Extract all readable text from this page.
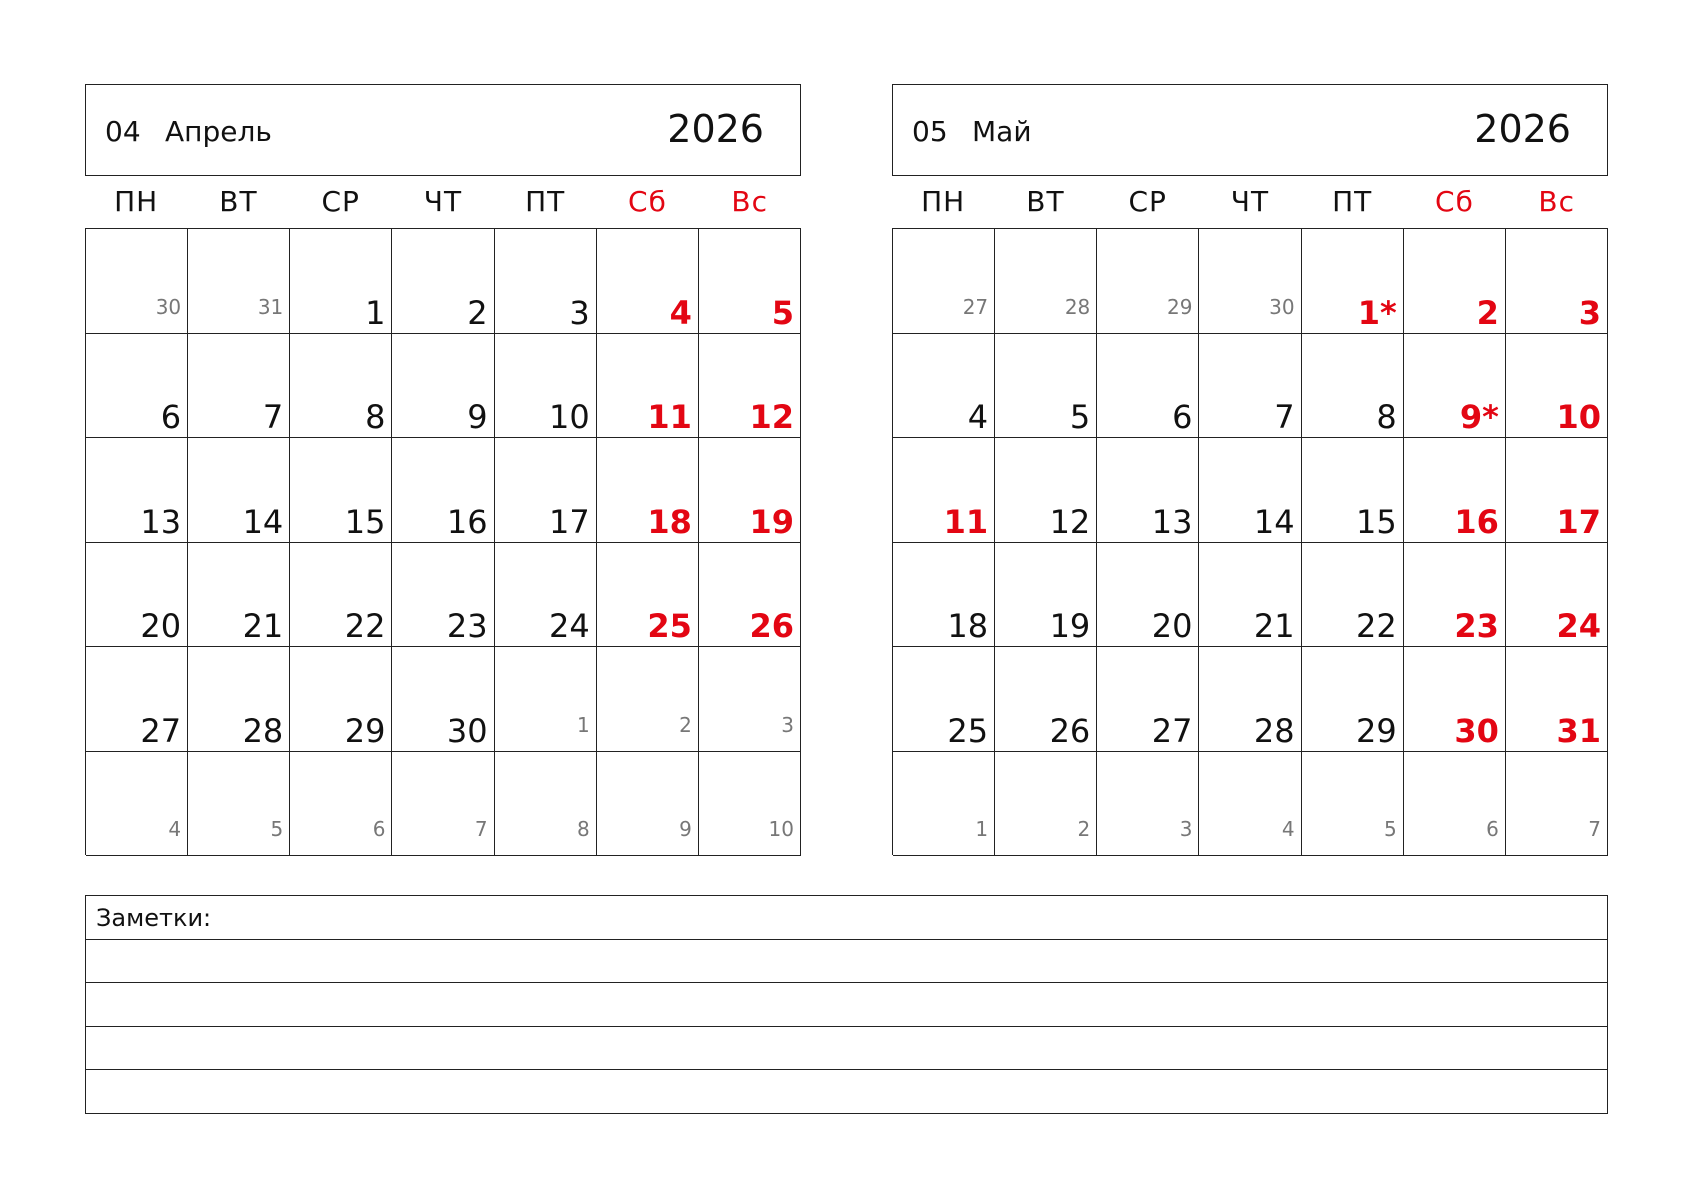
04 Апрель	2026
ПН	ВТ	СР	ЧТ	ПТ	Сб	Вс
30	31	1	2	3 4 5
6	7	8	9 10 11 12
13 14 15 16 17 18 19
20 21 22 23 24 25 26
27 28 29 30	1	2	3
4	5	6	7	8	9	10
05 Май	2026
ПН	ВТ	СР	ЧТ	ПТ	Сб	Вс
27	28	29	30 1* 2 3
4	5	6	7	8 9* 10
11 12 13 14 15 16 17
18 19 20 21 22 23 24
25 26 27 28 29 30 31
1	2	3	4	5	6	7
Заметки:
